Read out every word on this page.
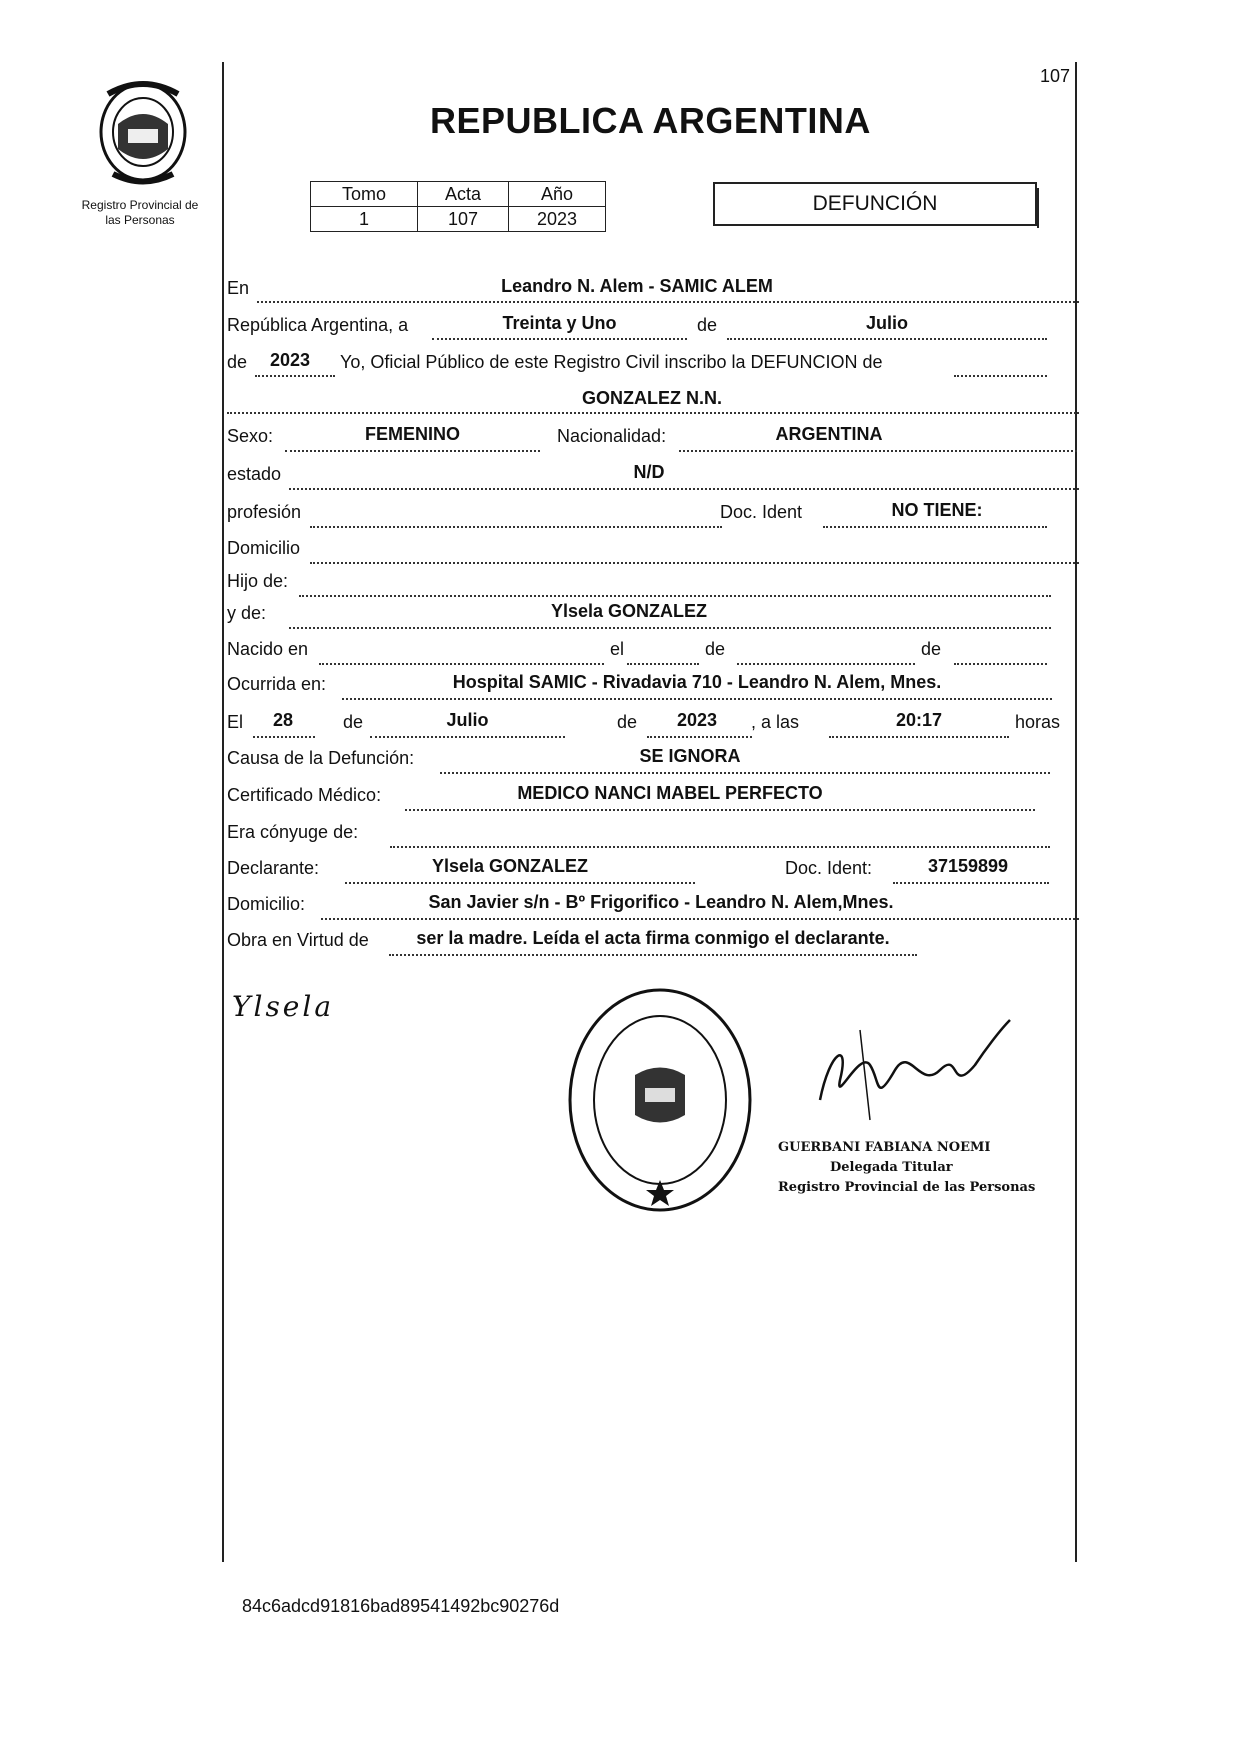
Registro Provincial de
las Personas
107
REPUBLICA ARGENTINA
Tomo	Acta	Año
1	107	2023
DEFUNCIÓN
En	Leandro N. Alem - SAMIC ALEM
República Argentina, a	Treinta y Uno	de	Julio
de	2023	Yo, Oficial Público de este Registro Civil inscribo la DEFUNCION de
GONZALEZ N.N.
Sexo:	FEMENINO	Nacionalidad:	ARGENTINA
estado	N/D
profesión	Doc. Ident	NO TIENE:
Domicilio
Hijo de:
y de:	Ylsela GONZALEZ
Nacido en	el	de	de
Ocurrida en:	Hospital SAMIC - Rivadavia 710 - Leandro N. Alem, Mnes.
El	28	de	Julio	de	2023	, a las	20:17	horas
Causa de la Defunción:	SE IGNORA
Certificado Médico:	MEDICO NANCI MABEL PERFECTO
Era cónyuge de:
Declarante:	Ylsela GONZALEZ	Doc. Ident:	37159899
Domicilio:	San Javier s/n - Bº Frigorifico - Leandro N. Alem,Mnes.
Obra en Virtud de	ser la madre. Leída el acta firma conmigo el declarante.
Ylsela
GUERBANI FABIANA NOEMI
Delegada Titular
Registro Provincial de las Personas
84c6adcd91816bad89541492bc90276d
